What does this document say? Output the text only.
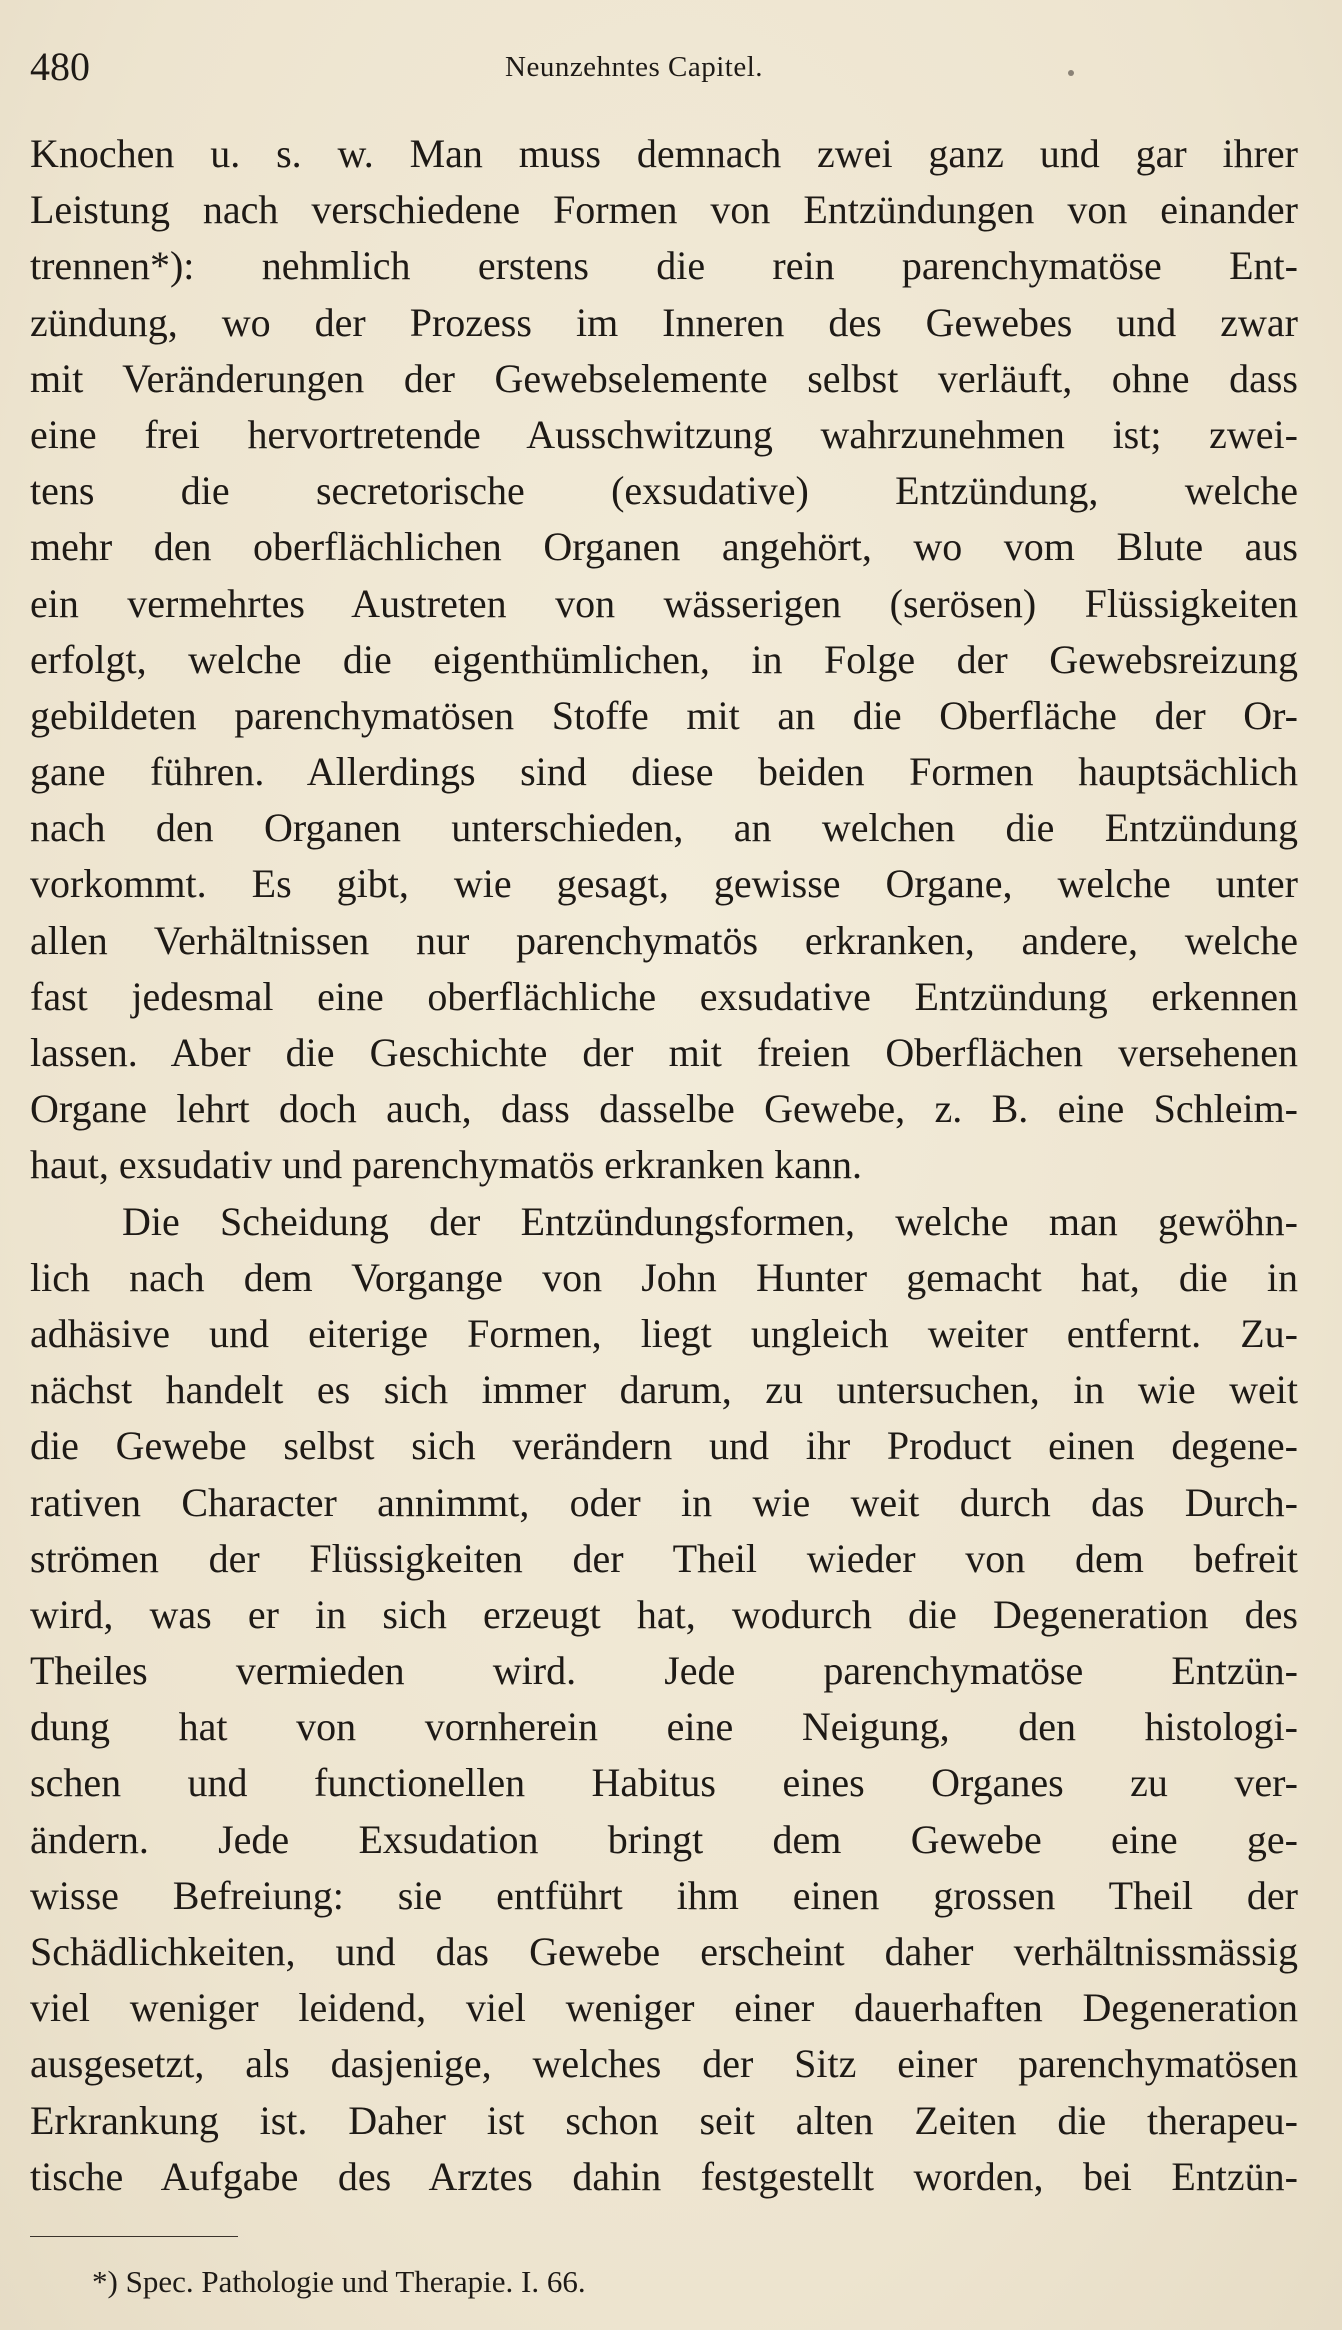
480	Neunzehntes Capitel.
Knochen u. s. w. Man muss demnach zwei ganz und gar ihrer
Leistung nach verschiedene Formen von Entzündungen von einander
trennen*): nehmlich erstens die rein parenchymatöse Ent-
zündung, wo der Prozess im Inneren des Gewebes und zwar
mit Veränderungen der Gewebselemente selbst verläuft, ohne dass
eine frei hervortretende Ausschwitzung wahrzunehmen ist; zwei-
tens die secretorische (exsudative) Entzündung, welche
mehr den oberflächlichen Organen angehört, wo vom Blute aus
ein vermehrtes Austreten von wässerigen (serösen) Flüssigkeiten
erfolgt, welche die eigenthümlichen, in Folge der Gewebsreizung
gebildeten parenchymatösen Stoffe mit an die Oberfläche der Or-
gane führen. Allerdings sind diese beiden Formen hauptsächlich
nach den Organen unterschieden, an welchen die Entzündung
vorkommt. Es gibt, wie gesagt, gewisse Organe, welche unter
allen Verhältnissen nur parenchymatös erkranken, andere, welche
fast jedesmal eine oberflächliche exsudative Entzündung erkennen
lassen. Aber die Geschichte der mit freien Oberflächen versehenen
Organe lehrt doch auch, dass dasselbe Gewebe, z. B. eine Schleim-
haut, exsudativ und parenchymatös erkranken kann.
Die Scheidung der Entzündungsformen, welche man gewöhn-
lich nach dem Vorgange von John Hunter gemacht hat, die in
adhäsive und eiterige Formen, liegt ungleich weiter entfernt. Zu-
nächst handelt es sich immer darum, zu untersuchen, in wie weit
die Gewebe selbst sich verändern und ihr Product einen degene-
rativen Character annimmt, oder in wie weit durch das Durch-
strömen der Flüssigkeiten der Theil wieder von dem befreit
wird, was er in sich erzeugt hat, wodurch die Degeneration des
Theiles vermieden wird. Jede parenchymatöse Entzün-
dung hat von vornherein eine Neigung, den histologi-
schen und functionellen Habitus eines Organes zu ver-
ändern. Jede Exsudation bringt dem Gewebe eine ge-
wisse Befreiung: sie entführt ihm einen grossen Theil der
Schädlichkeiten, und das Gewebe erscheint daher verhältnissmässig
viel weniger leidend, viel weniger einer dauerhaften Degeneration
ausgesetzt, als dasjenige, welches der Sitz einer parenchymatösen
Erkrankung ist. Daher ist schon seit alten Zeiten die therapeu-
tische Aufgabe des Arztes dahin festgestellt worden, bei Entzün-
*) Spec. Pathologie und Therapie. I. 66.
